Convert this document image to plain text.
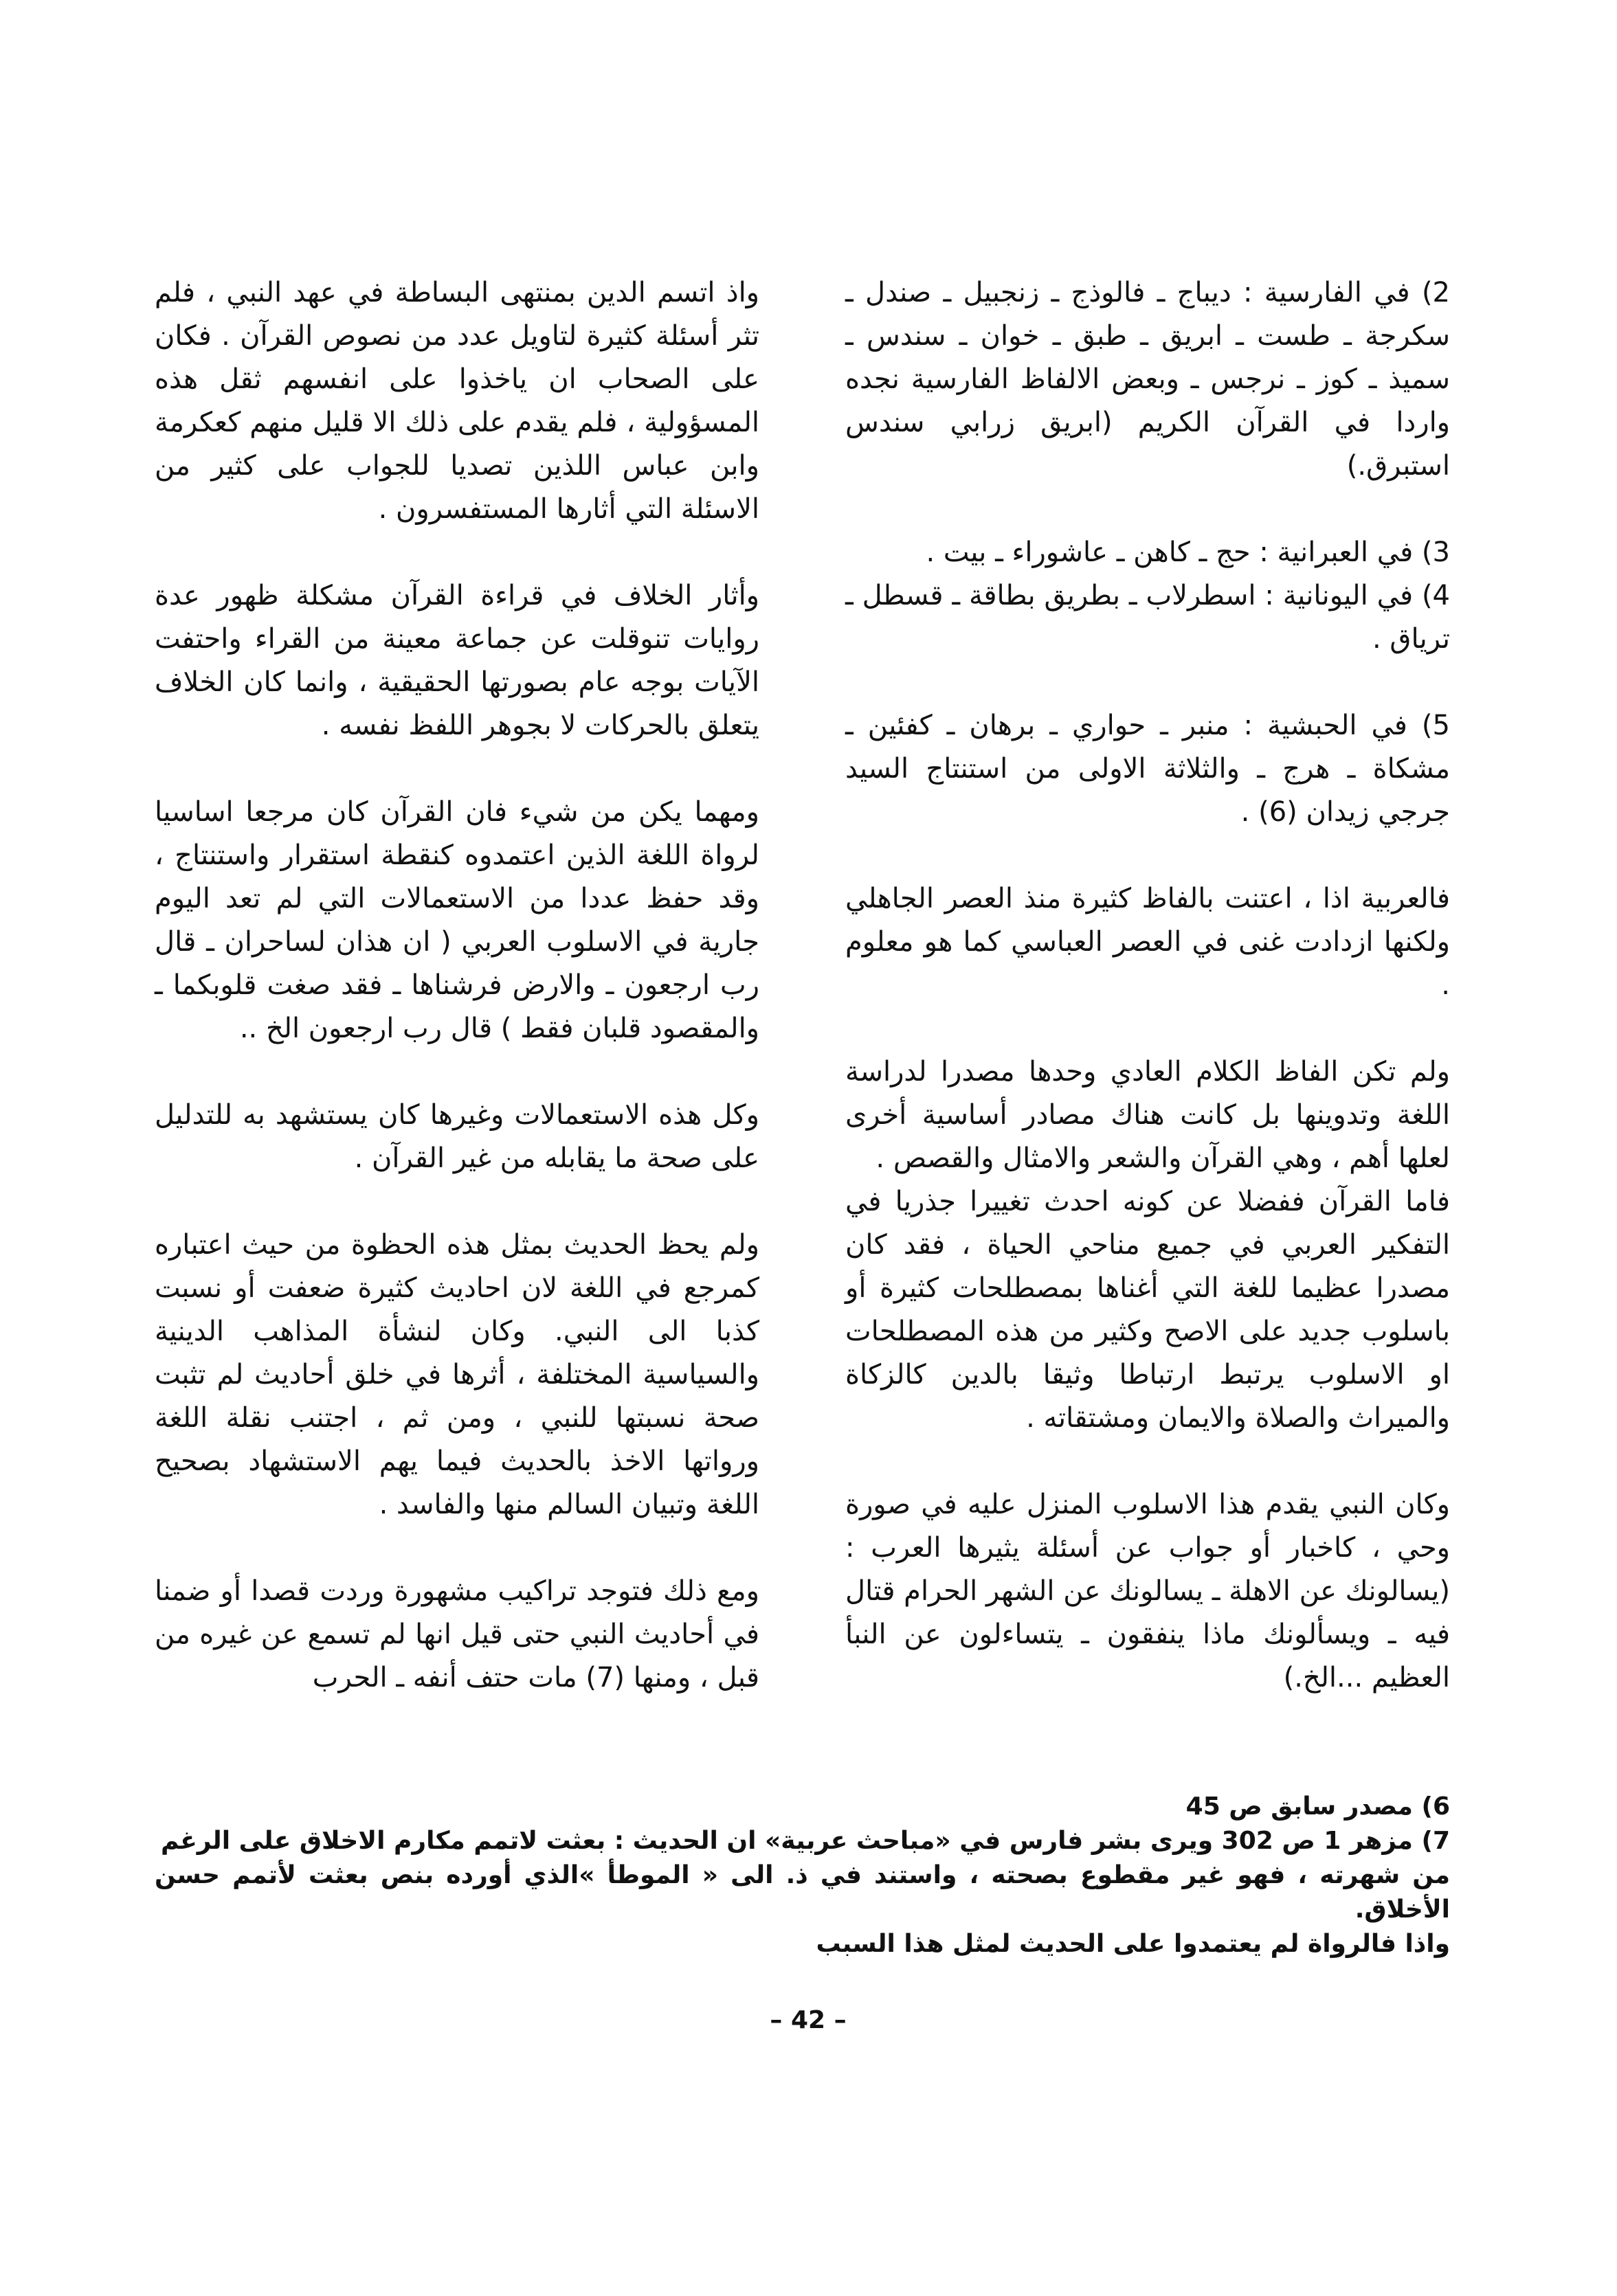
2) في الفارسية : ديباج ـ فالوذج ـ زنجبيل ـ صندل ـ سكرجة ـ طست ـ ابريق ـ طبق ـ خوان ـ سندس ـ سميذ ـ كوز ـ نرجس ـ وبعض الالفاظ الفارسية نجده واردا في القرآن الكريم (ابريق زرابي سندس استبرق.)

3) في العبرانية : حج ـ كاهن ـ عاشوراء ـ بيت .

4) في اليونانية : اسطرلاب ـ بطريق بطاقة ـ قسطل ـ ترياق .

5) في الحبشية : منبر ـ حواري ـ برهان ـ كفئين ـ مشكاة ـ هرج ـ والثلاثة الاولى من استنتاج السيد جرجي زيدان (6) .

فالعربية اذا ، اعتنت بالفاظ كثيرة منذ العصر الجاهلي ولكنها ازدادت غنى في العصر العباسي كما هو معلوم .

ولم تكن الفاظ الكلام العادي وحدها مصدرا لدراسة اللغة وتدوينها بل كانت هناك مصادر أساسية أخرى لعلها أهم ، وهي القرآن والشعر والامثال والقصص .

فاما القرآن ففضلا عن كونه احدث تغييرا جذريا في التفكير العربي في جميع مناحي الحياة ، فقد كان مصدرا عظيما للغة التي أغناها بمصطلحات كثيرة أو باسلوب جديد على الاصح وكثير من هذه المصطلحات او الاسلوب يرتبط ارتباطا وثيقا بالدين كالزكاة والميراث والصلاة والايمان ومشتقاته .

وكان النبي يقدم هذا الاسلوب المنزل عليه في صورة وحي ، كاخبار أو جواب عن أسئلة يثيرها العرب : (يسالونك عن الاهلة ـ يسالونك عن الشهر الحرام قتال فيه ـ ويسألونك ماذا ينفقون ـ يتساءلون عن النبأ العظيم ...الخ.)

واذ اتسم الدين بمنتهى البساطة في عهد النبي ، فلم تثر أسئلة كثيرة لتاويل عدد من نصوص القرآن . فكان على الصحاب ان ياخذوا على انفسهم ثقل هذه المسؤولية ، فلم يقدم على ذلك الا قليل منهم كعكرمة وابن عباس اللذين تصديا للجواب على كثير من الاسئلة التي أثارها المستفسرون .

وأثار الخلاف في قراءة القرآن مشكلة ظهور عدة روايات تنوقلت عن جماعة معينة من القراء واحتفت الآيات بوجه عام بصورتها الحقيقية ، وانما كان الخلاف يتعلق بالحركات لا بجوهر اللفظ نفسه .

ومهما يكن من شيء فان القرآن كان مرجعا اساسيا لرواة اللغة الذين اعتمدوه كنقطة استقرار واستنتاج ، وقد حفظ عددا من الاستعمالات التي لم تعد اليوم جارية في الاسلوب العربي ( ان هذان لساحران ـ قال رب ارجعون ـ والارض فرشناها ـ فقد صغت قلوبكما ـ والمقصود قلبان فقط ) قال رب ارجعون الخ ..

وكل هذه الاستعمالات وغيرها كان يستشهد به للتدليل على صحة ما يقابله من غير القرآن .

ولم يحظ الحديث بمثل هذه الحظوة من حيث اعتباره كمرجع في اللغة لان احاديث كثيرة ضعفت أو نسبت كذبا الى النبي. وكان لنشأة المذاهب الدينية والسياسية المختلفة ، أثرها في خلق أحاديث لم تثبت صحة نسبتها للنبي ، ومن ثم ، اجتنب نقلة اللغة ورواتها الاخذ بالحديث فيما يهم الاستشهاد بصحيح اللغة وتبيان السالم منها والفاسد .

ومع ذلك فتوجد تراكيب مشهورة وردت قصدا أو ضمنا في أحاديث النبي حتى قيل انها لم تسمع عن غيره من قبل ، ومنها (7) مات حتف أنفه ـ الحرب

6) مصدر سابق ص 45

7) مزهر 1 ص 302 ويرى بشر فارس في «مباحث عربية» ان الحديث : بعثت لاتمم مكارم الاخلاق على الرغم

من شهرته ، فهو غير مقطوع بصحته ، واستند في ذ. الى « الموطأ »الذي أورده بنص بعثت لأتمم حسن الأخلاق.

واذا فالرواة لم يعتمدوا على الحديث لمثل هذا السبب

– 42 –
